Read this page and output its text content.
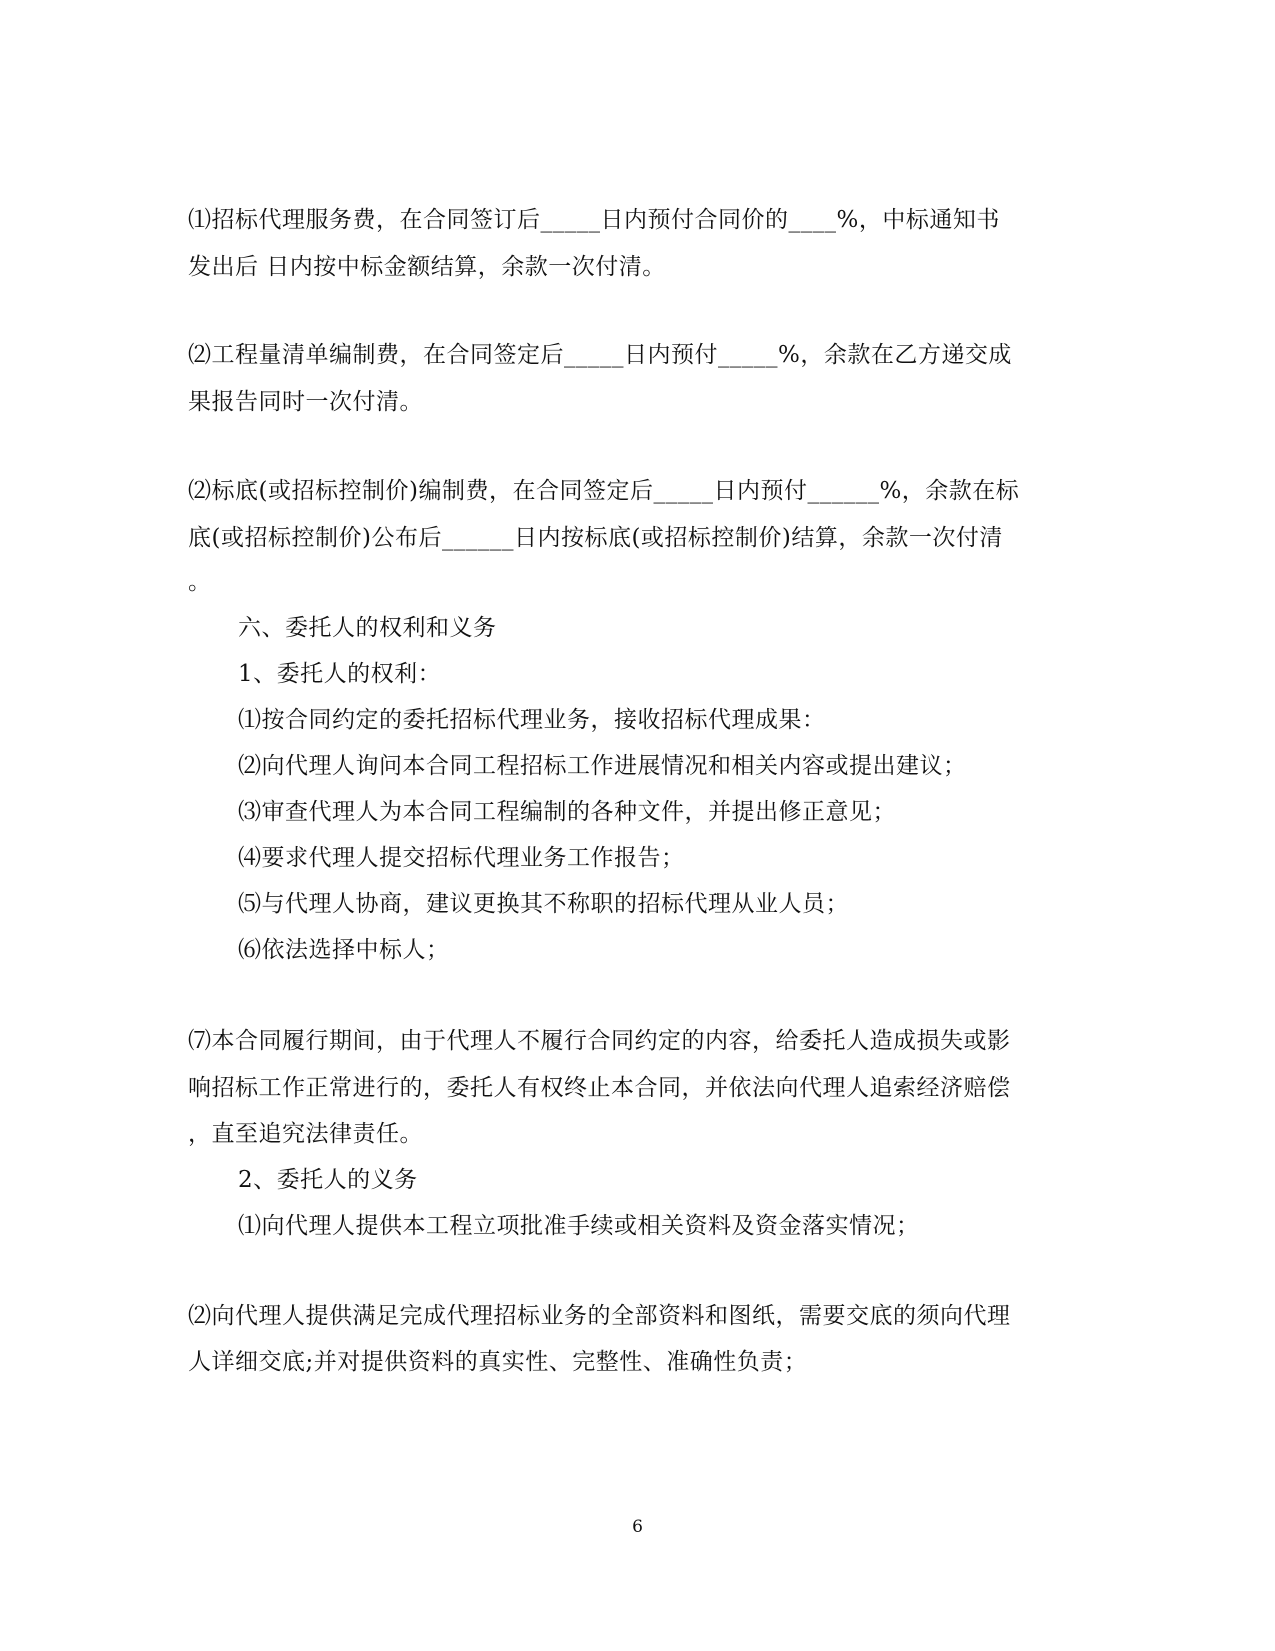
⑴招标代理服务费，在合同签订后_____日内预付合同价的____%，中标通知书
发出后 日内按中标金额结算，余款一次付清。
⑵工程量清单编制费，在合同签定后_____日内预付_____%，余款在乙方递交成
果报告同时一次付清。
⑵标底(或招标控制价)编制费，在合同签定后_____日内预付______%，余款在标
底(或招标控制价)公布后______日内按标底(或招标控制价)结算，余款一次付清
。
六、委托人的权利和义务
1、委托人的权利：
⑴按合同约定的委托招标代理业务，接收招标代理成果：
⑵向代理人询问本合同工程招标工作进展情况和相关内容或提出建议；
⑶审查代理人为本合同工程编制的各种文件，并提出修正意见；
⑷要求代理人提交招标代理业务工作报告；
⑸与代理人协商，建议更换其不称职的招标代理从业人员；
⑹依法选择中标人；
⑺本合同履行期间，由于代理人不履行合同约定的内容，给委托人造成损失或影
响招标工作正常进行的，委托人有权终止本合同，并依法向代理人追索经济赔偿
，直至追究法律责任。
2、委托人的义务
⑴向代理人提供本工程立项批准手续或相关资料及资金落实情况；
⑵向代理人提供满足完成代理招标业务的全部资料和图纸，需要交底的须向代理
人详细交底;并对提供资料的真实性、完整性、准确性负责；
6
